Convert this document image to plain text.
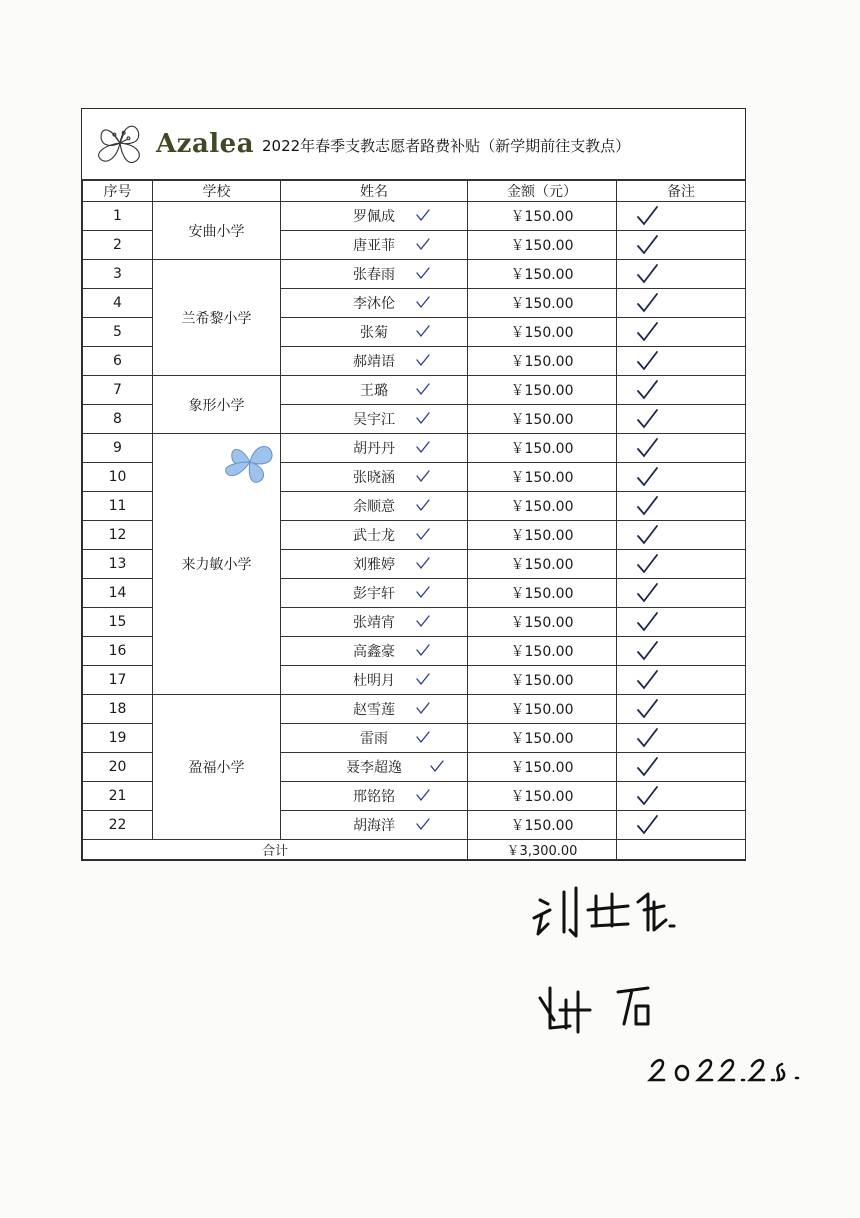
Azalea 2022年春季支教志愿者路费补贴（新学期前往支教点）
序号	学校	姓名	金额（元）	备注
1	安曲小学	罗佩成	￥150.00	

2		唐亚菲	￥150.00	

3	兰希黎小学	张春雨	￥150.00	

4		李沐伦	￥150.00	

5		张菊	￥150.00	

6		郝靖语	￥150.00	

7	象形小学	王璐	￥150.00	

8		吴宇江	￥150.00	

9	来力敏小学	胡丹丹	￥150.00	

10		张晓涵	￥150.00	

11		余顺意	￥150.00	

12		武士龙	￥150.00	

13		刘雅婷	￥150.00	

14		彭宇轩	￥150.00	

15		张靖宵	￥150.00	

16		高鑫豪	￥150.00	

17		杜明月	￥150.00	

18	盈福小学	赵雪莲	￥150.00	

19		雷雨	￥150.00	

20		聂李超逸	￥150.00	

21		邢铭铭	￥150.00	

22		胡海洋	￥150.00	

合计			￥3,300.00	
